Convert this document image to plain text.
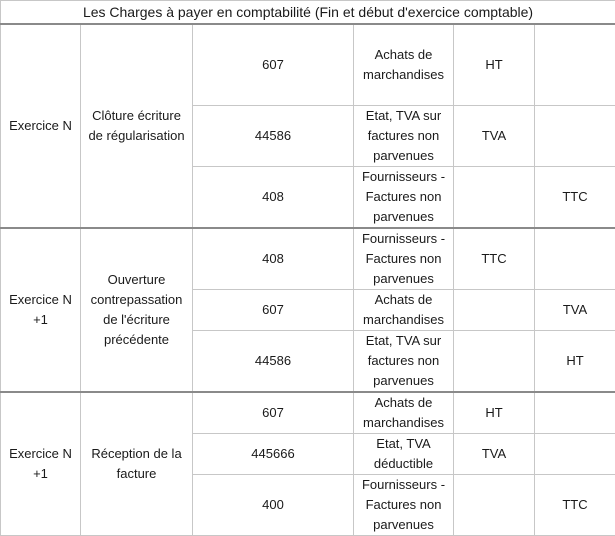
Les Charges à payer en comptabilité (Fin et début d'exercice comptable)					
Exercice N	Clôture écriture de régularisation	607	Achats de marchandises	HT	
		44586	Etat, TVA sur factures non parvenues	TVA	
		408	Fournisseurs - Factures non parvenues		TTC
Exercice N +1	Ouverture contrepassation de l'écriture précédente	408	Fournisseurs - Factures non parvenues	TTC	
		607	Achats de marchandises		TVA
		44586	Etat, TVA sur factures non parvenues		HT
Exercice N +1	Réception de la facture	607	Achats de marchandises	HT	
		445666	Etat, TVA déductible	TVA	
		400	Fournisseurs - Factures non parvenues		TTC
